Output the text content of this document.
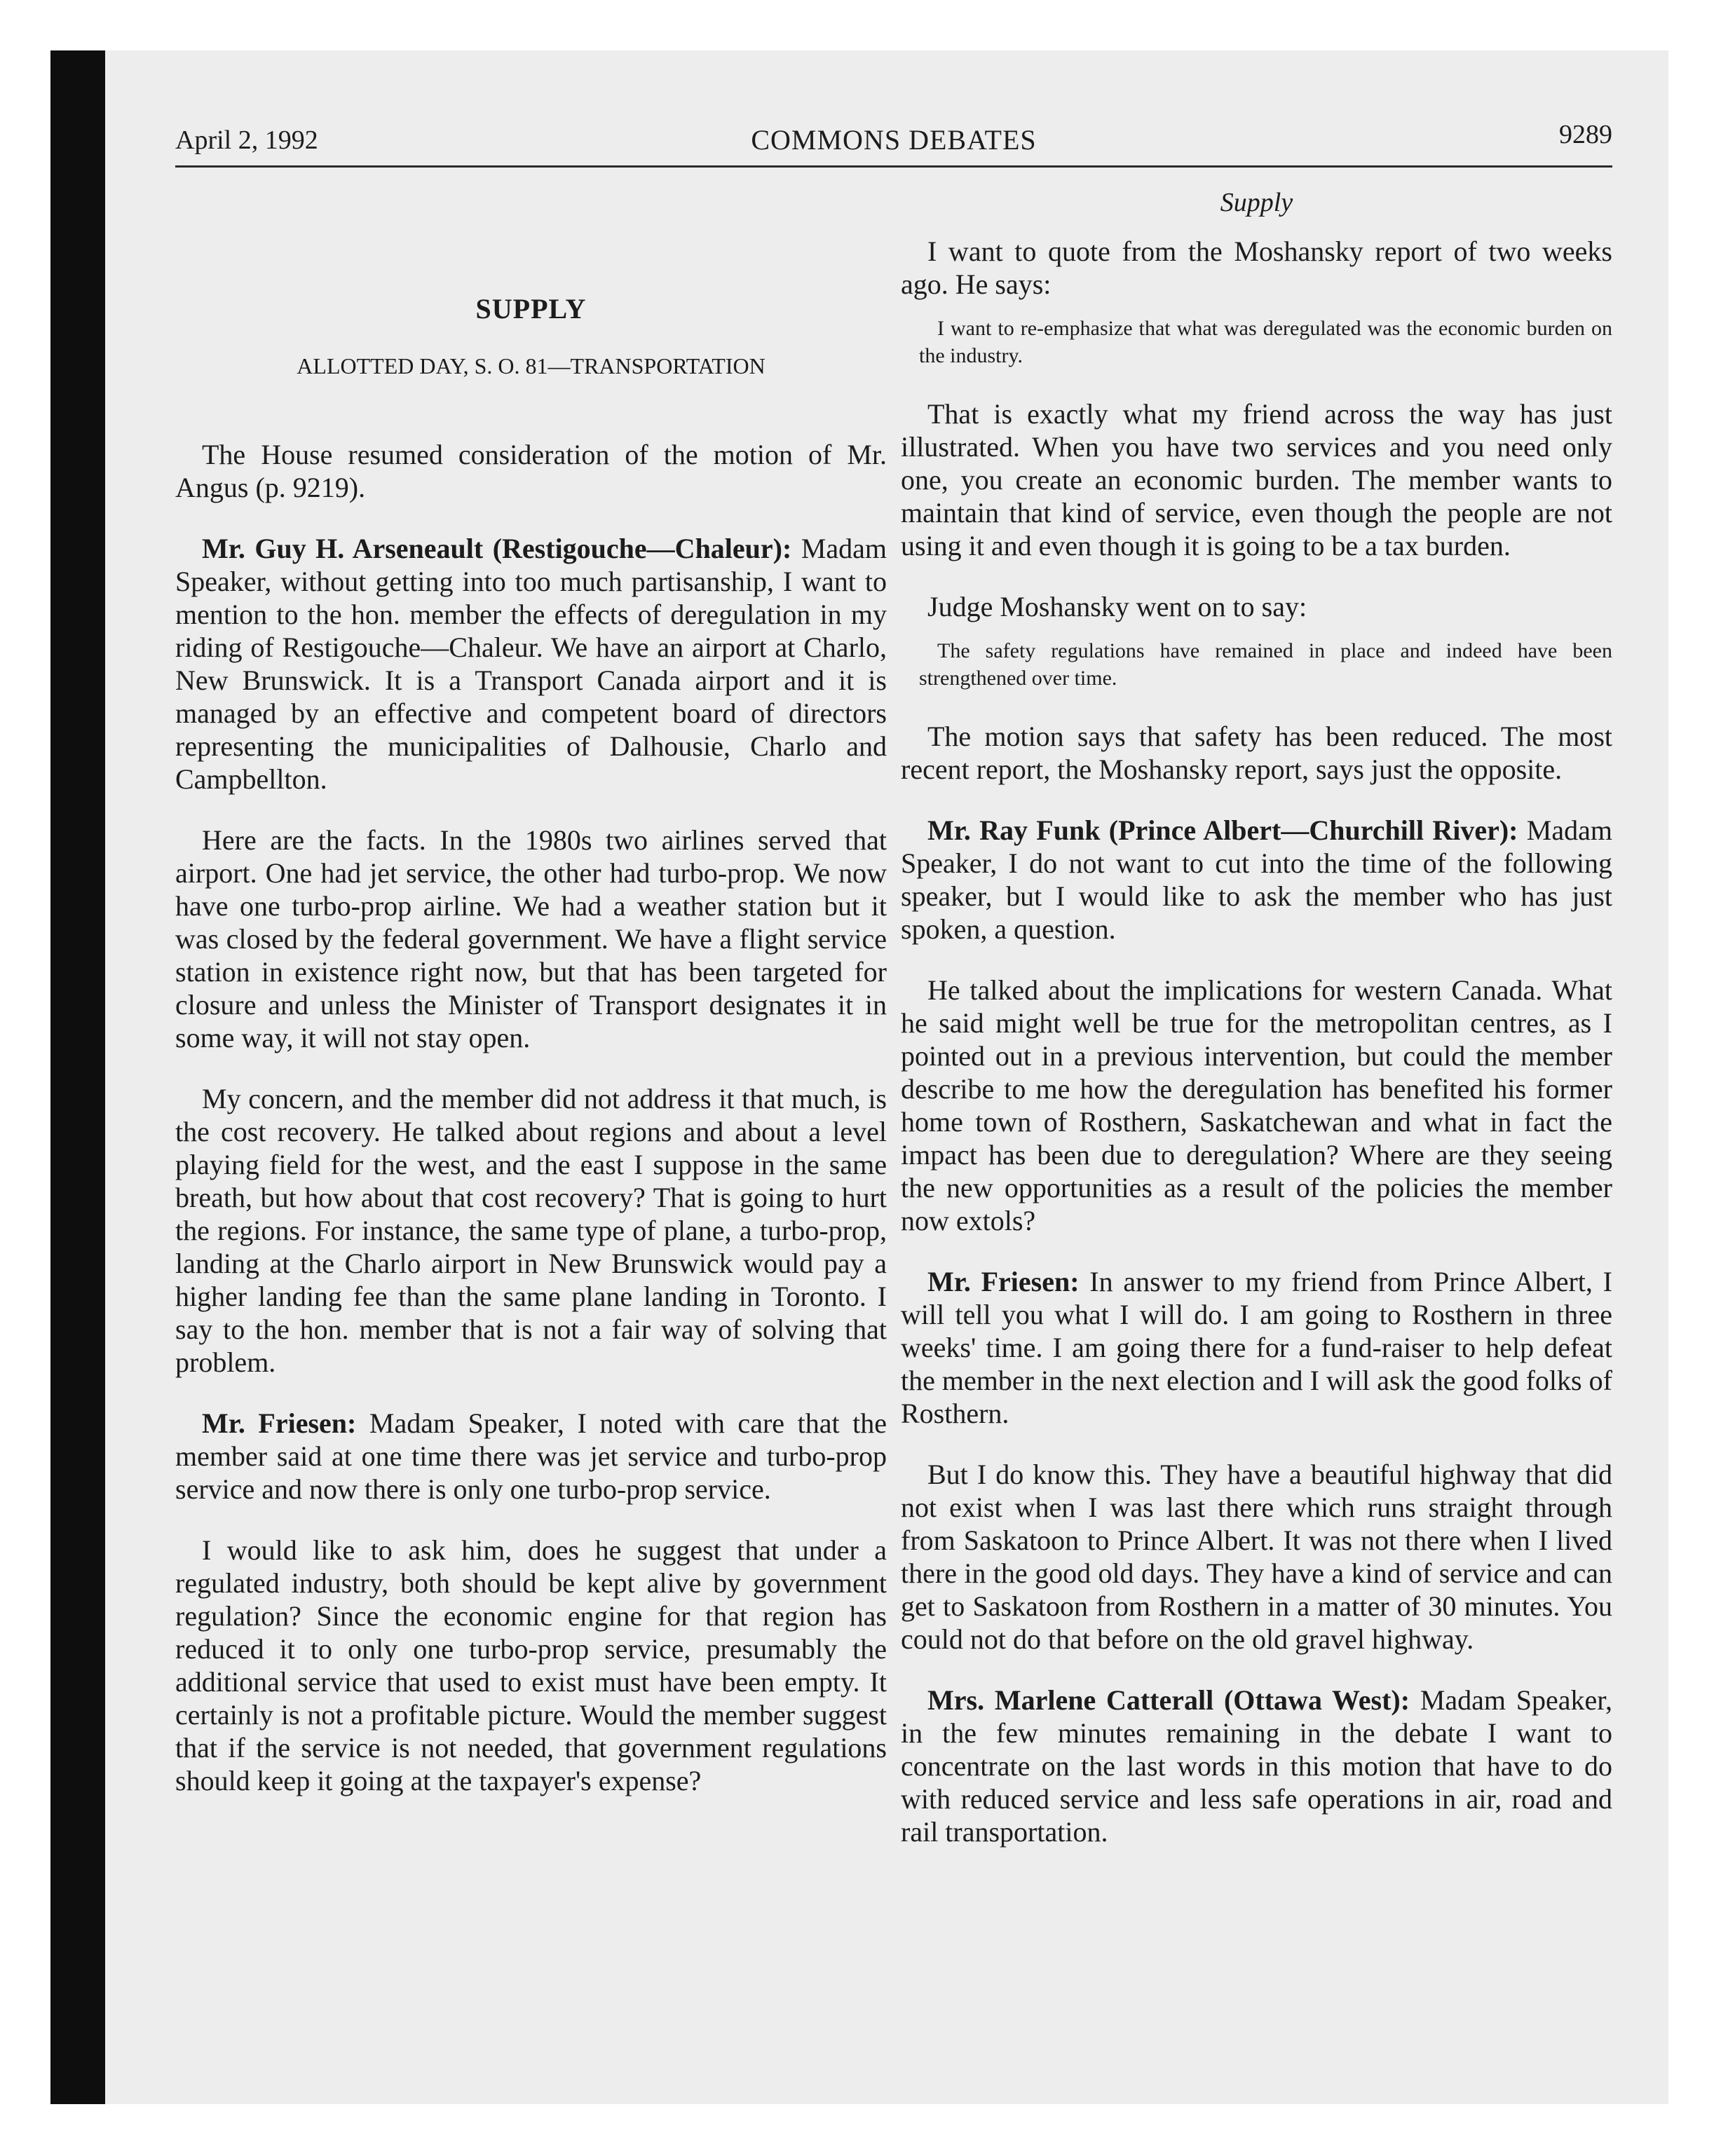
April 2, 1992	COMMONS DEBATES	9289
SUPPLY
ALLOTTED DAY, S. O. 81—TRANSPORTATION

The House resumed consideration of the motion of Mr. Angus (p. 9219).

Mr. Guy H. Arseneault (Restigouche—Chaleur): Madam Speaker, without getting into too much partisanship, I want to mention to the hon. member the effects of deregulation in my riding of Restigouche—Chaleur. We have an airport at Charlo, New Brunswick. It is a Transport Canada airport and it is managed by an effective and competent board of directors representing the municipalities of Dalhousie, Charlo and Campbellton.

Here are the facts. In the 1980s two airlines served that airport. One had jet service, the other had turbo‑prop. We now have one turbo‑prop airline. We had a weather station but it was closed by the federal government. We have a flight service station in existence right now, but that has been targeted for closure and unless the Minister of Transport designates it in some way, it will not stay open.

My concern, and the member did not address it that much, is the cost recovery. He talked about regions and about a level playing field for the west, and the east I suppose in the same breath, but how about that cost recovery? That is going to hurt the regions. For instance, the same type of plane, a turbo‑prop, landing at the Charlo airport in New Brunswick would pay a higher landing fee than the same plane landing in Toronto. I say to the hon. member that is not a fair way of solving that problem.

Mr. Friesen: Madam Speaker, I noted with care that the member said at one time there was jet service and turbo‑prop service and now there is only one turbo‑prop service.

I would like to ask him, does he suggest that under a regulated industry, both should be kept alive by government regulation? Since the economic engine for that region has reduced it to only one turbo‑prop service, presumably the additional service that used to exist must have been empty. It certainly is not a profitable picture. Would the member suggest that if the service is not needed, that government regulations should keep it going at the taxpayer's expense?

Supply

I want to quote from the Moshansky report of two weeks ago. He says:

I want to re‑emphasize that what was deregulated was the economic burden on the industry.

That is exactly what my friend across the way has just illustrated. When you have two services and you need only one, you create an economic burden. The member wants to maintain that kind of service, even though the people are not using it and even though it is going to be a tax burden.

Judge Moshansky went on to say:

The safety regulations have remained in place and indeed have been strengthened over time.

The motion says that safety has been reduced. The most recent report, the Moshansky report, says just the opposite.

Mr. Ray Funk (Prince Albert—Churchill River): Madam Speaker, I do not want to cut into the time of the following speaker, but I would like to ask the member who has just spoken, a question.

He talked about the implications for western Canada. What he said might well be true for the metropolitan centres, as I pointed out in a previous intervention, but could the member describe to me how the deregulation has benefited his former home town of Rosthern, Saskatchewan and what in fact the impact has been due to deregulation? Where are they seeing the new opportunities as a result of the policies the member now extols?

Mr. Friesen: In answer to my friend from Prince Albert, I will tell you what I will do. I am going to Rosthern in three weeks' time. I am going there for a fund‑raiser to help defeat the member in the next election and I will ask the good folks of Rosthern.

But I do know this. They have a beautiful highway that did not exist when I was last there which runs straight through from Saskatoon to Prince Albert. It was not there when I lived there in the good old days. They have a kind of service and can get to Saskatoon from Rosthern in a matter of 30 minutes. You could not do that before on the old gravel highway.

Mrs. Marlene Catterall (Ottawa West): Madam Speaker, in the few minutes remaining in the debate I want to concentrate on the last words in this motion that have to do with reduced service and less safe operations in air, road and rail transportation.
